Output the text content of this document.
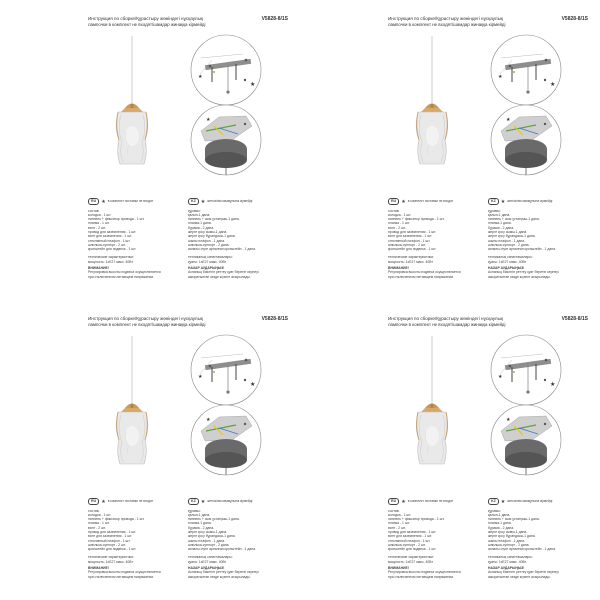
★
★
★
Инструкция по сборке/Құрастыру жөніндегі нұсқаулық	V5828-8/1S
лампочки в комплект не входят/шамдар жинаққа кірмейді
RU ★ в комплект поставки не входят
состав:
колодка - 1 шт.
ниппель + фиксатор провода - 1 шт.
планка - 1 шт.
винт - 2 шт.
провод для заземления - 1 шт.
винт для заземления - 1 шт.
стеклянный плафон - 1 шт.
шпилька-суппорт - 2 шт.
кронштейн для подвеса - 1 шт.
технические характеристики:
мощность: 1xE27 макс. 40Вт
ВНИМАНИЕ!
Регулировка высоты подвеса осуществляется
при отключенном питающем напряжении.
KZ ★ жеткізілім мазмұнына кірмейді
құрамы:
қалып-1 дана.
ниппель + сым ұстатқыш-1 дана.
планка-1 дана.
бұрама - 2 дана.
жерге қосу сымы-1 дана.
жерге қосу бұрандасы-1 дана.
шыны плафон - 1 дана.
шпилька-суппорт - 2 дана.
аспалы ілуге арналған кронштейн - 1 дана.
техникалық сипаттамалары:
қуаты: 1xE27 макс. 40Вт
НАЗАР АУДАРЫҢЫЗ!
Аспаның биіктігін реттеу қуат беретін кернеуі
ажыратылған кезде жүзеге асырылады.
★
★
★
Инструкция по сборке/Құрастыру жөніндегі нұсқаулық	V5828-8/1S
лампочки в комплект не входят/шамдар жинаққа кірмейді
RU ★ в комплект поставки не входят
состав:
колодка - 1 шт.
ниппель + фиксатор провода - 1 шт.
планка - 1 шт.
винт - 2 шт.
провод для заземления - 1 шт.
винт для заземления - 1 шт.
стеклянный плафон - 1 шт.
шпилька-суппорт - 2 шт.
кронштейн для подвеса - 1 шт.
технические характеристики:
мощность: 1xE27 макс. 40Вт
ВНИМАНИЕ!
Регулировка высоты подвеса осуществляется
при отключенном питающем напряжении.
KZ ★ жеткізілім мазмұнына кірмейді
құрамы:
қалып-1 дана.
ниппель + сым ұстатқыш-1 дана.
планка-1 дана.
бұрама - 2 дана.
жерге қосу сымы-1 дана.
жерге қосу бұрандасы-1 дана.
шыны плафон - 1 дана.
шпилька-суппорт - 2 дана.
аспалы ілуге арналған кронштейн - 1 дана.
техникалық сипаттамалары:
қуаты: 1xE27 макс. 40Вт
НАЗАР АУДАРЫҢЫЗ!
Аспаның биіктігін реттеу қуат беретін кернеуі
ажыратылған кезде жүзеге асырылады.
★
★
★
Инструкция по сборке/Құрастыру жөніндегі нұсқаулық	V5828-8/1S
лампочки в комплект не входят/шамдар жинаққа кірмейді
RU ★ в комплект поставки не входят
состав:
колодка - 1 шт.
ниппель + фиксатор провода - 1 шт.
планка - 1 шт.
винт - 2 шт.
провод для заземления - 1 шт.
винт для заземления - 1 шт.
стеклянный плафон - 1 шт.
шпилька-суппорт - 2 шт.
кронштейн для подвеса - 1 шт.
технические характеристики:
мощность: 1xE27 макс. 40Вт
ВНИМАНИЕ!
Регулировка высоты подвеса осуществляется
при отключенном питающем напряжении.
KZ ★ жеткізілім мазмұнына кірмейді
құрамы:
қалып-1 дана.
ниппель + сым ұстатқыш-1 дана.
планка-1 дана.
бұрама - 2 дана.
жерге қосу сымы-1 дана.
жерге қосу бұрандасы-1 дана.
шыны плафон - 1 дана.
шпилька-суппорт - 2 дана.
аспалы ілуге арналған кронштейн - 1 дана.
техникалық сипаттамалары:
қуаты: 1xE27 макс. 40Вт
НАЗАР АУДАРЫҢЫЗ!
Аспаның биіктігін реттеу қуат беретін кернеуі
ажыратылған кезде жүзеге асырылады.
★
★
★
Инструкция по сборке/Құрастыру жөніндегі нұсқаулық	V5828-8/1S
лампочки в комплект не входят/шамдар жинаққа кірмейді
RU ★ в комплект поставки не входят
состав:
колодка - 1 шт.
ниппель + фиксатор провода - 1 шт.
планка - 1 шт.
винт - 2 шт.
провод для заземления - 1 шт.
винт для заземления - 1 шт.
стеклянный плафон - 1 шт.
шпилька-суппорт - 2 шт.
кронштейн для подвеса - 1 шт.
технические характеристики:
мощность: 1xE27 макс. 40Вт
ВНИМАНИЕ!
Регулировка высоты подвеса осуществляется
при отключенном питающем напряжении.
KZ ★ жеткізілім мазмұнына кірмейді
құрамы:
қалып-1 дана.
ниппель + сым ұстатқыш-1 дана.
планка-1 дана.
бұрама - 2 дана.
жерге қосу сымы-1 дана.
жерге қосу бұрандасы-1 дана.
шыны плафон - 1 дана.
шпилька-суппорт - 2 дана.
аспалы ілуге арналған кронштейн - 1 дана.
техникалық сипаттамалары:
қуаты: 1xE27 макс. 40Вт
НАЗАР АУДАРЫҢЫЗ!
Аспаның биіктігін реттеу қуат беретін кернеуі
ажыратылған кезде жүзеге асырылады.
